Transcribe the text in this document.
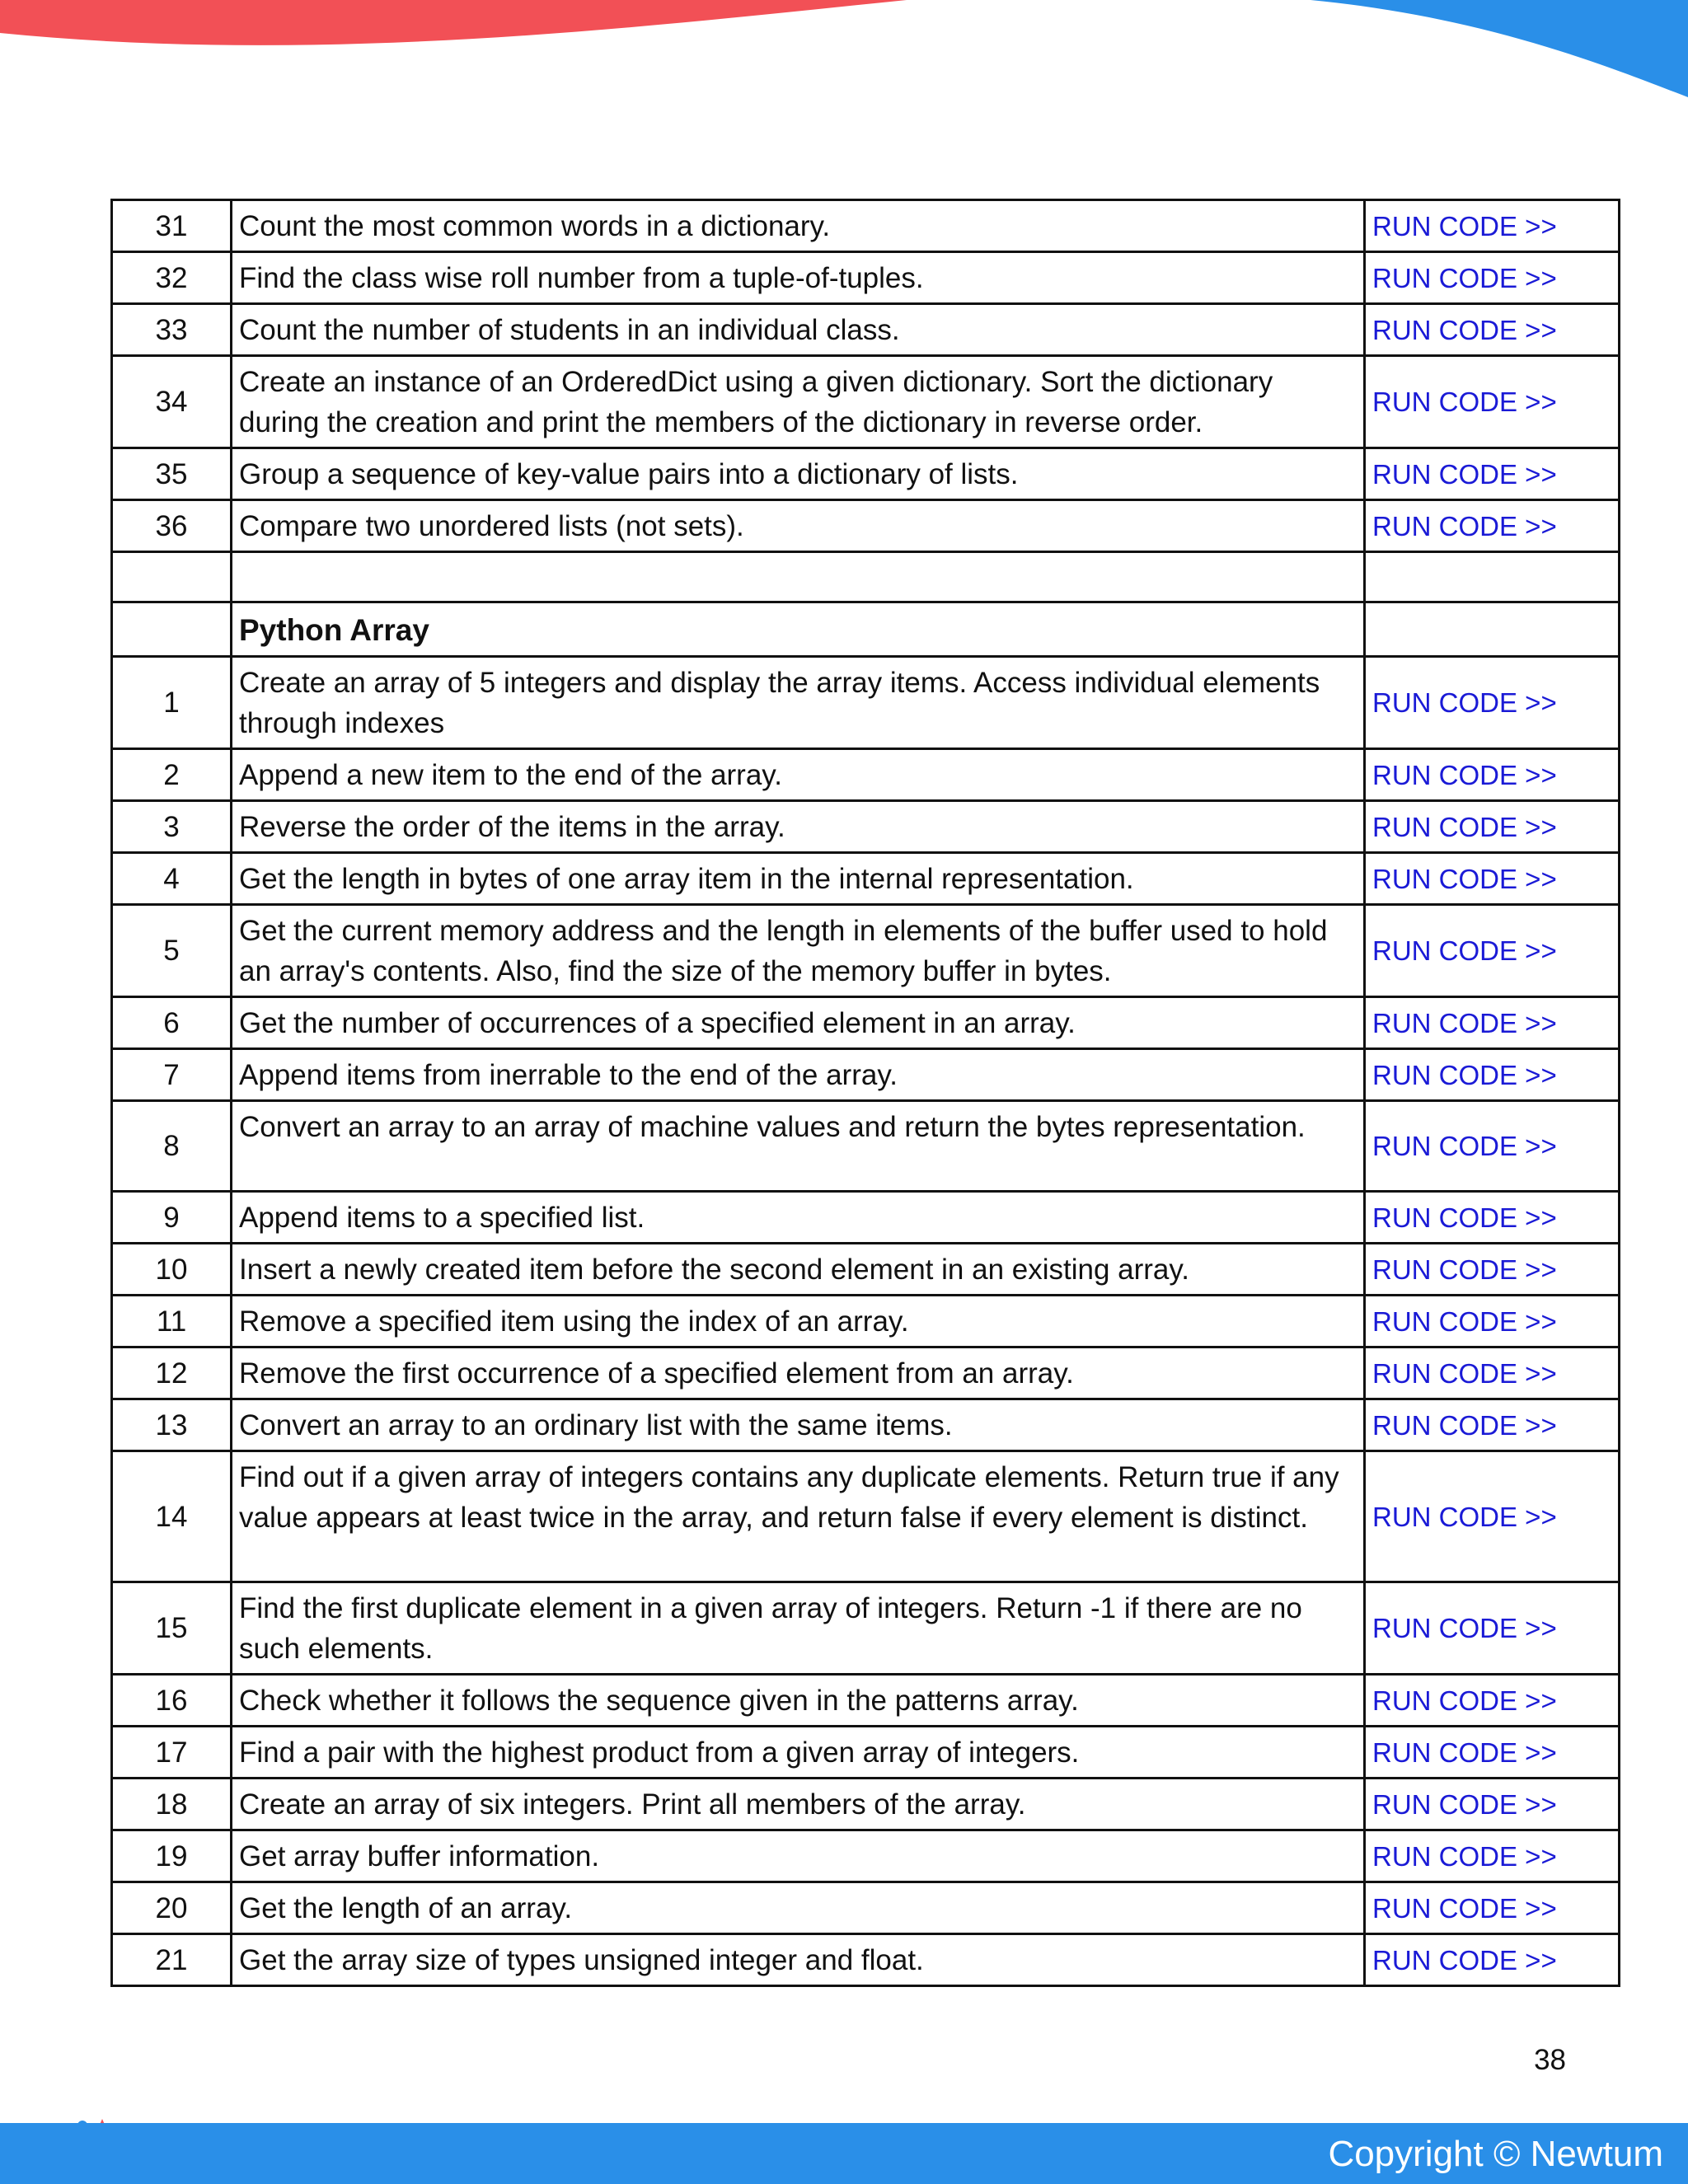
31	Count the most common words in a dictionary.	RUN CODE >>
32	Find the class wise roll number from a tuple-of-tuples.	RUN CODE >>
33	Count the number of students in an individual class.	RUN CODE >>
34	Create an instance of an OrderedDict using a given dictionary. Sort the dictionary during the creation and print the members of the dictionary in reverse order.	RUN CODE >>
35	Group a sequence of key-value pairs into a dictionary of lists.	RUN CODE >>
36	Compare two unordered lists (not sets).	RUN CODE >>

	Python Array	
1	Create an array of 5 integers and display the array items. Access individual elements through indexes	RUN CODE >>
2	Append a new item to the end of the array.	RUN CODE >>
3	Reverse the order of the items in the array.	RUN CODE >>
4	Get the length in bytes of one array item in the internal representation.	RUN CODE >>
5	Get the current memory address and the length in elements of the buffer used to hold an array's contents. Also, find the size of the memory buffer in bytes.	RUN CODE >>
6	Get the number of occurrences of a specified element in an array.	RUN CODE >>
7	Append items from inerrable to the end of the array.	RUN CODE >>
8	Convert an array to an array of machine values and return the bytes representation.	RUN CODE >>
9	Append items to a specified list.	RUN CODE >>
10	Insert a newly created item before the second element in an existing array.	RUN CODE >>
11	Remove a specified item using the index of an array.	RUN CODE >>
12	Remove the first occurrence of a specified element from an array.	RUN CODE >>
13	Convert an array to an ordinary list with the same items.	RUN CODE >>
14	Find out if a given array of integers contains any duplicate elements. Return true if any value appears at least twice in the array, and return false if every element is distinct.	RUN CODE >>
15	Find the first duplicate element in a given array of integers. Return -1 if there are no such elements.	RUN CODE >>
16	Check whether it follows the sequence given in the patterns array.	RUN CODE >>
17	Find a pair with the highest product from a given array of integers.	RUN CODE >>
18	Create an array of six integers. Print all members of the array.	RUN CODE >>
19	Get array buffer information.	RUN CODE >>
20	Get the length of an array.	RUN CODE >>
21	Get the array size of types unsigned integer and float.	RUN CODE >>
38
Copyright © Newtum
